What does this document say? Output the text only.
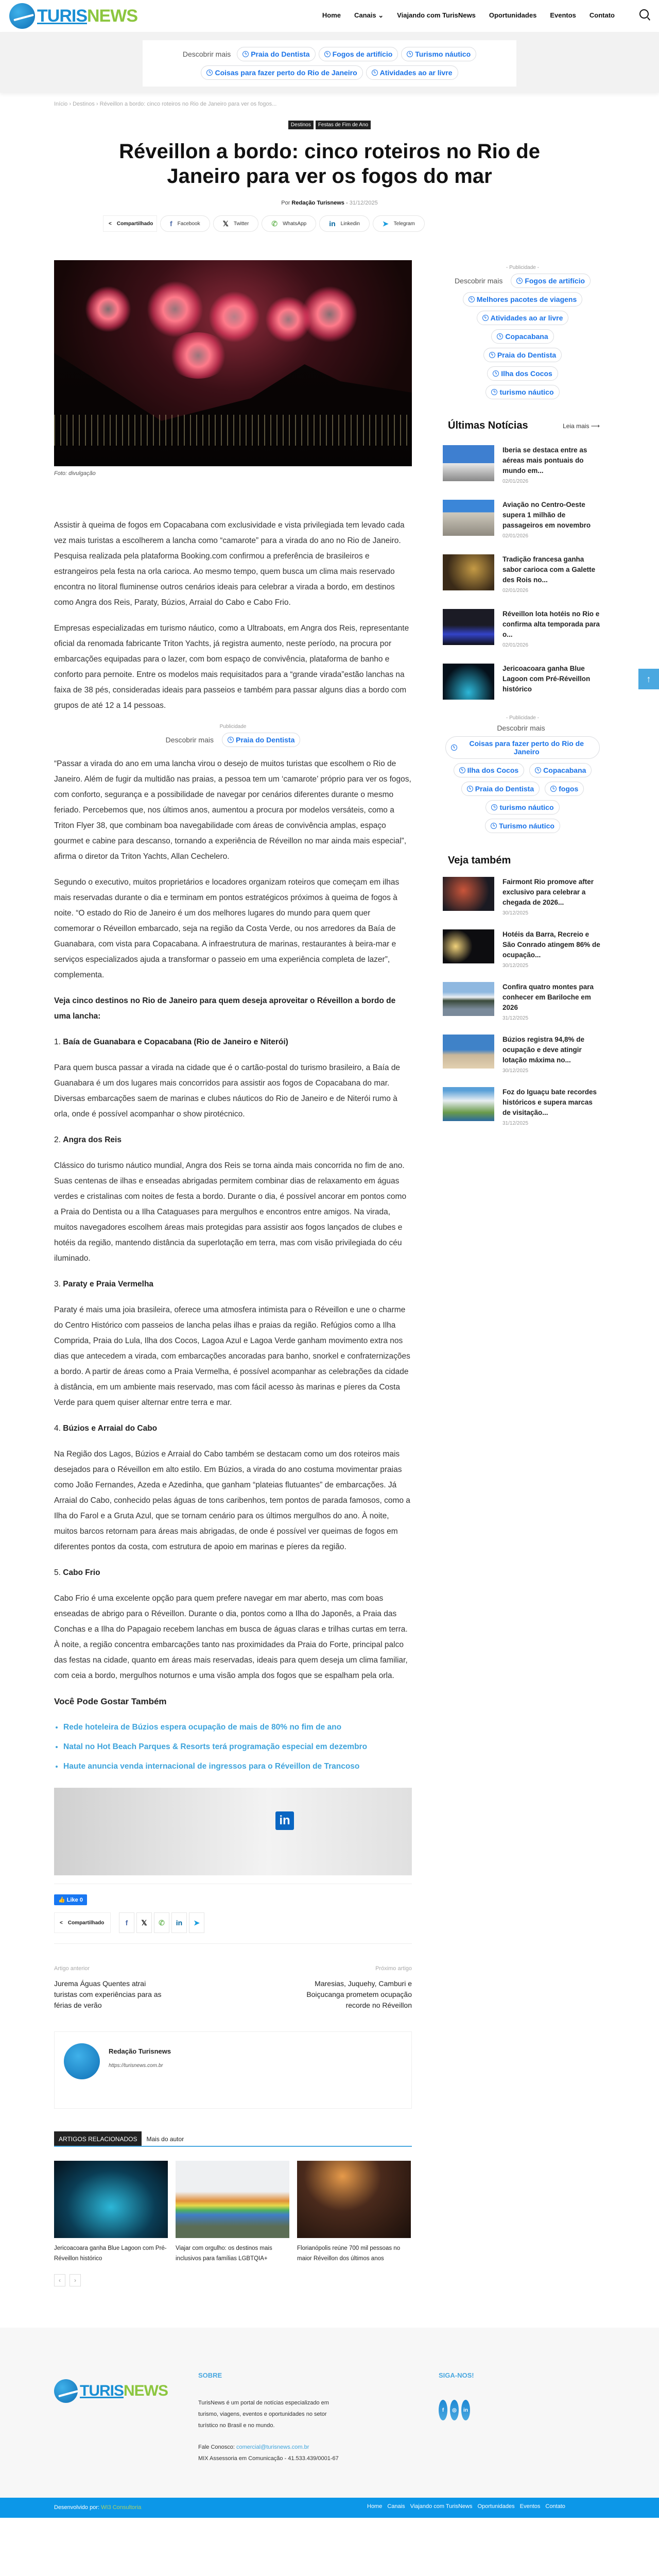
TURISNEWS	Home Canais ⌄ Viajando com TurisNews Oportunidades Eventos Contato
Descobrir mais	ϟ Praia do Dentista	ϟ Fogos de artifício	ϟ Turismo náutico
ϟ Coisas para fazer perto do Rio de Janeiro	ϟ Atividades ao ar livre
Início › Destinos › Réveillon a bordo: cinco roteiros no Rio de Janeiro para ver os fogos...
Destinos	Festas de Fim de Ano
Réveillon a bordo: cinco roteiros no Rio de Janeiro para ver os fogos do mar
Por Redação Turisnews - 31/12/2025
< Compartilhado f Facebook	𝕏 Twitter	✆ WhatsApp	in Linkedin	➤ Telegram
Foto: divulgação

Assistir à queima de fogos em Copacabana com exclusividade e vista privilegiada tem levado cada vez mais turistas a escolherem a lancha como “camarote” para a virada do ano no Rio de Janeiro. Pesquisa realizada pela plataforma Booking.com confirmou a preferência de brasileiros e estrangeiros pela festa na orla carioca. Ao mesmo tempo, quem busca um clima mais reservado encontra no litoral fluminense outros cenários ideais para celebrar a virada a bordo, em destinos como Angra dos Reis, Paraty, Búzios, Arraial do Cabo e Cabo Frio.

Empresas especializadas em turismo náutico, como a Ultraboats, em Angra dos Reis, representante oficial da renomada fabricante Triton Yachts, já registra aumento, neste período, na procura por embarcações equipadas para o lazer, com bom espaço de convivência, plataforma de banho e conforto para pernoite. Entre os modelos mais requisitados para a “grande virada”estão lanchas na faixa de 38 pés, consideradas ideais para passeios e também para passar alguns dias a bordo com grupos de até 12 a 14 pessoas.

Publicidade
Descobrir mais	ϟ Praia do Dentista

“Passar a virada do ano em uma lancha virou o desejo de muitos turistas que escolhem o Rio de Janeiro. Além de fugir da multidão nas praias, a pessoa tem um ‘camarote’ próprio para ver os fogos, com conforto, segurança e a possibilidade de navegar por cenários diferentes durante o mesmo feriado. Percebemos que, nos últimos anos, aumentou a procura por modelos versáteis, como a Triton Flyer 38, que combinam boa navegabilidade com áreas de convivência amplas, espaço gourmet e cabine para descanso, tornando a experiência de Réveillon no mar ainda mais especial”, afirma o diretor da Triton Yachts, Allan Cechelero.

Segundo o executivo, muitos proprietários e locadores organizam roteiros que começam em ilhas mais reservadas durante o dia e terminam em pontos estratégicos próximos à queima de fogos à noite. “O estado do Rio de Janeiro é um dos melhores lugares do mundo para quem quer comemorar o Réveillon embarcado, seja na região da Costa Verde, ou nos arredores da Baía de Guanabara, com vista para Copacabana. A infraestrutura de marinas, restaurantes à beira-mar e serviços especializados ajuda a transformar o passeio em uma experiência completa de lazer”, complementa.

Veja cinco destinos no Rio de Janeiro para quem deseja aproveitar o Réveillon a bordo de uma lancha:
1. Baía de Guanabara e Copacabana (Rio de Janeiro e Niterói)

Para quem busca passar a virada na cidade que é o cartão-postal do turismo brasileiro, a Baía de Guanabara é um dos lugares mais concorridos para assistir aos fogos de Copacabana do mar. Diversas embarcações saem de marinas e clubes náuticos do Rio de Janeiro e de Niterói rumo à orla, onde é possível acompanhar o show pirotécnico.

2. Angra dos Reis

Clássico do turismo náutico mundial, Angra dos Reis se torna ainda mais concorrida no fim de ano. Suas centenas de ilhas e enseadas abrigadas permitem combinar dias de relaxamento em águas verdes e cristalinas com noites de festa a bordo. Durante o dia, é possível ancorar em pontos como a Praia do Dentista ou a Ilha Cataguases para mergulhos e encontros entre amigos. Na virada, muitos navegadores escolhem áreas mais protegidas para assistir aos fogos lançados de clubes e hotéis da região, mantendo distância da superlotação em terra, mas com visão privilegiada do céu iluminado.

3. Paraty e Praia Vermelha

Paraty é mais uma joia brasileira, oferece uma atmosfera intimista para o Réveillon e une o charme do Centro Histórico com passeios de lancha pelas ilhas e praias da região. Refúgios como a Ilha Comprida, Praia do Lula, Ilha dos Cocos, Lagoa Azul e Lagoa Verde ganham movimento extra nos dias que antecedem a virada, com embarcações ancoradas para banho, snorkel e confraternizações a bordo. A partir de áreas como a Praia Vermelha, é possível acompanhar as celebrações da cidade à distância, em um ambiente mais reservado, mas com fácil acesso às marinas e píeres da Costa Verde para quem quiser alternar entre terra e mar.

4. Búzios e Arraial do Cabo

Na Região dos Lagos, Búzios e Arraial do Cabo também se destacam como um dos roteiros mais desejados para o Réveillon em alto estilo. Em Búzios, a virada do ano costuma movimentar praias como João Fernandes, Azeda e Azedinha, que ganham “plateias flutuantes” de embarcações. Já Arraial do Cabo, conhecido pelas águas de tons caribenhos, tem pontos de parada famosos, como a Ilha do Farol e a Gruta Azul, que se tornam cenário para os últimos mergulhos do ano. À noite, muitos barcos retornam para áreas mais abrigadas, de onde é possível ver queimas de fogos em diferentes pontos da costa, com estrutura de apoio em marinas e píeres da região.

5. Cabo Frio

Cabo Frio é uma excelente opção para quem prefere navegar em mar aberto, mas com boas enseadas de abrigo para o Réveillon. Durante o dia, pontos como a Ilha do Japonês, a Praia das Conchas e a Ilha do Papagaio recebem lanchas em busca de águas claras e trilhas curtas em terra. À noite, a região concentra embarcações tanto nas proximidades da Praia do Forte, principal palco das festas na cidade, quanto em áreas mais reservadas, ideais para quem deseja um clima familiar, com ceia a bordo, mergulhos noturnos e uma visão ampla dos fogos que se espalham pela orla.

Você Pode Gostar Também
• Rede hoteleira de Búzios espera ocupação de mais de 80% no fim de ano
• Natal no Hot Beach Parques & Resorts terá programação especial em dezembro
• Haute anuncia venda internacional de ingressos para o Réveillon de Trancoso
in
👍 Like 0
< Compartilhado	f	𝕏	✆	in	➤
Artigo anterior
Jurema Águas Quentes atrai turistas com experiências para as férias de verão
Próximo artigo
Maresias, Juquehy, Camburi e Boiçucanga prometem ocupação recorde no Réveillon
Redação Turisnews
https://turisnews.com.br
ARTIGOS RELACIONADOS	Mais do autor
Jericoacoara ganha Blue Lagoon com Pré-Réveillon histórico
Viajar com orgulho: os destinos mais inclusivos para famílias LGBTQIA+
Florianópolis reúne 700 mil pessoas no maior Réveillon dos últimos anos
‹	›
- Publicidade -
Descobrir mais	ϟ Fogos de artifício
ϟ Melhores pacotes de viagens
ϟ Atividades ao ar livre
ϟ Copacabana
ϟ Praia do Dentista
ϟ Ilha dos Cocos
ϟ turismo náutico
Últimas Notícias	Leia mais ⟶
Iberia se destaca entre as aéreas mais pontuais do mundo em...
02/01/2026
Aviação no Centro-Oeste supera 1 milhão de passageiros em novembro
02/01/2026
Tradição francesa ganha sabor carioca com a Galette des Rois no...
02/01/2026
Réveillon lota hotéis no Rio e confirma alta temporada para o...
02/01/2026
Jericoacoara ganha Blue Lagoon com Pré-Réveillon histórico
- Publicidade -
Descobrir mais
ϟ	Coisas para fazer perto do Rio de Janeiro
ϟ Ilha dos Cocos	ϟ Copacabana
ϟ Praia do Dentista	ϟ fogos
ϟ turismo náutico
ϟ Turismo náutico
Veja também
Fairmont Rio promove after exclusivo para celebrar a chegada de 2026...
30/12/2025
Hotéis da Barra, Recreio e São Conrado atingem 86% de ocupação...
30/12/2025
Confira quatro montes para conhecer em Bariloche em 2026
31/12/2025
Búzios registra 94,8% de ocupação e deve atingir lotação máxima no...
30/12/2025
Foz do Iguaçu bate recordes históricos e supera marcas de visitação...
31/12/2025
↑
TURISNEWS
SOBRE
TurisNews é um portal de notícias especializado em turismo, viagens, eventos e oportunidades no setor turístico no Brasil e no mundo.
Fale Conosco: comercial@turisnews.com.br
MIX Assessoria em Comunicação - 41.533.439/0001-67
SIGA-NOS!
f	◎	in
Desenvolvido por: WI3 Consultoria	Home Canais Viajando com TurisNews Oportunidades Eventos Contato
